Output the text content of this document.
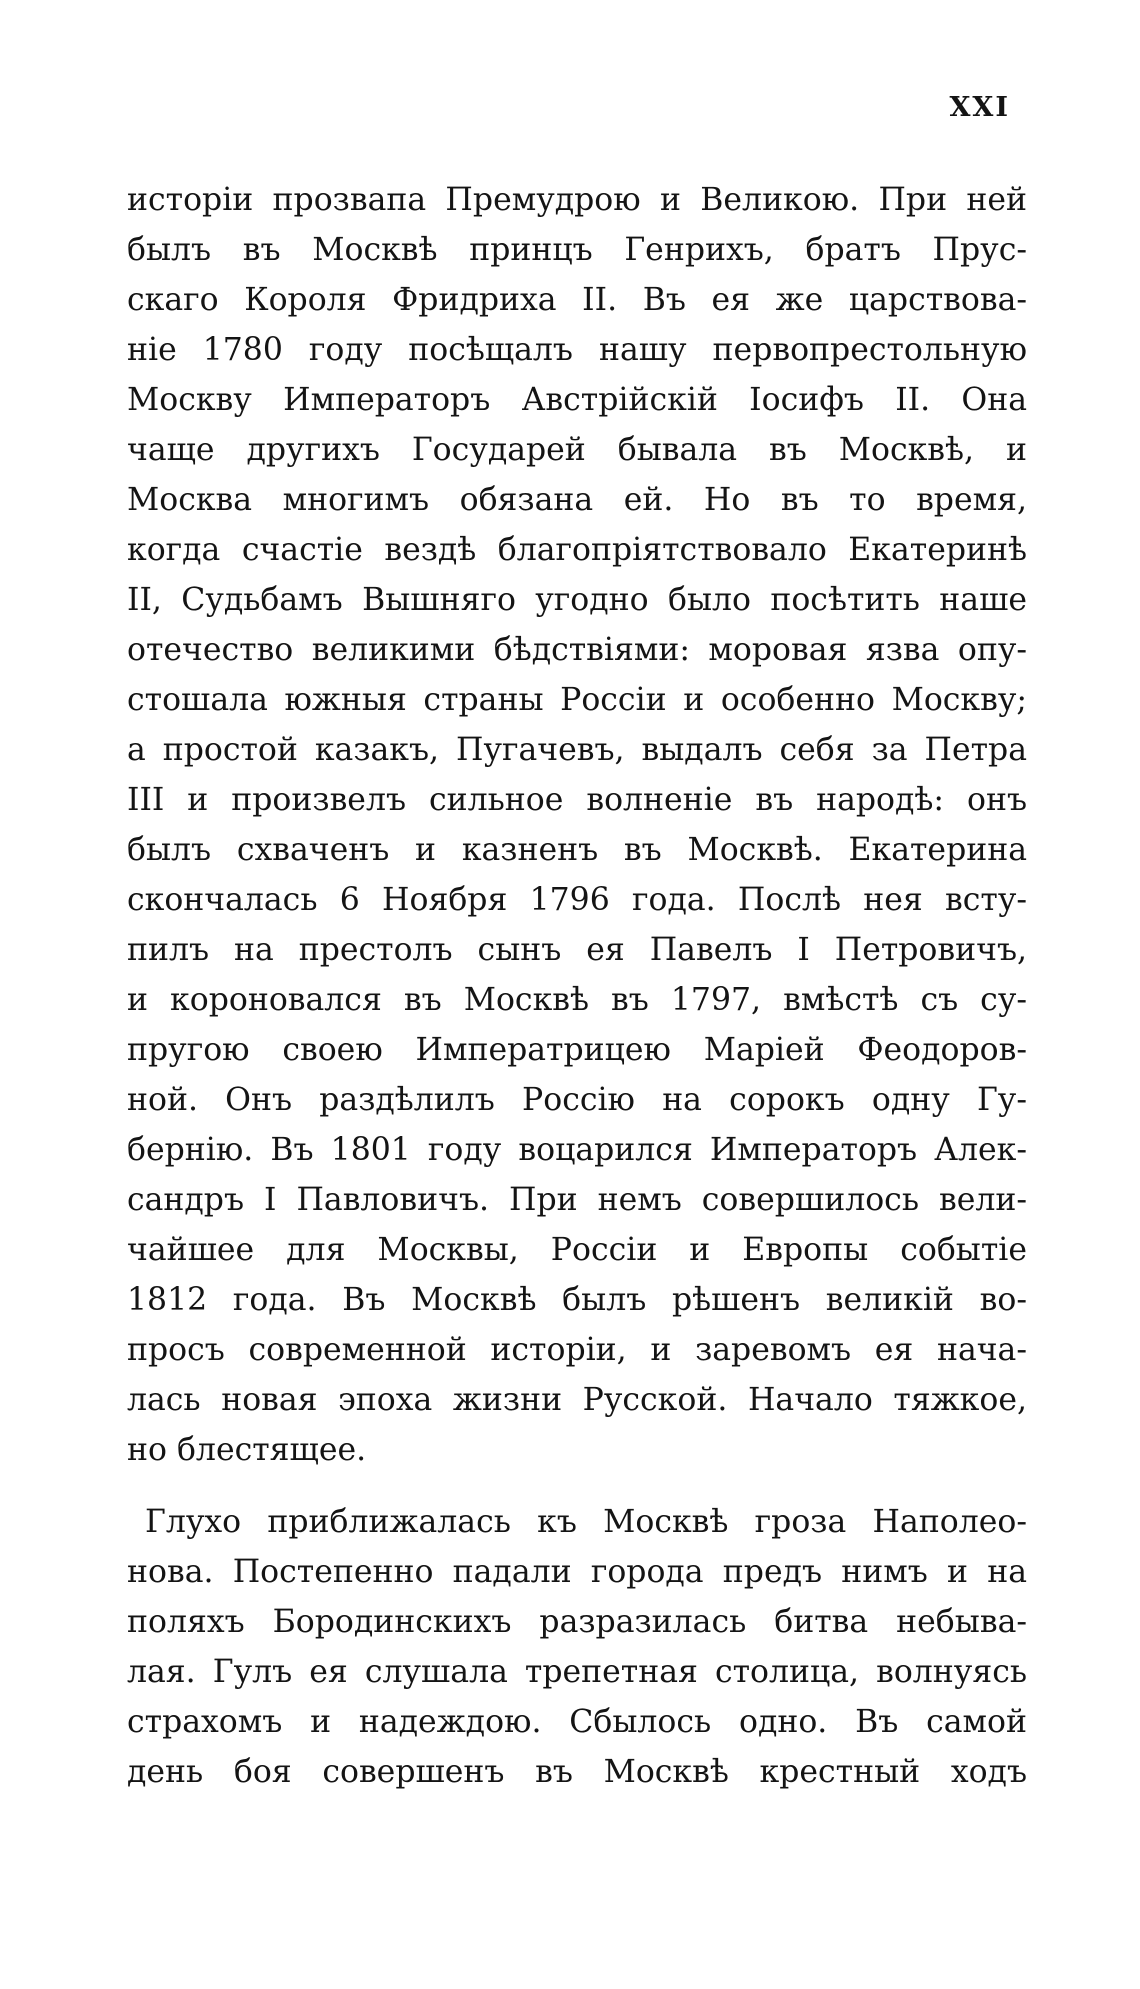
XXI

исторіи прозвапа Премудрою и Великою. При ней
былъ въ Москвѣ принцъ Генрихъ, братъ Прус-
скаго Короля Фридриха II. Въ ея же царствова-
ніе 1780 году посѣщалъ нашу первопрестольную
Москву Императоръ Австрійскій Іосифъ II. Она
чаще другихъ Государей бывала въ Москвѣ, и
Москва многимъ обязана ей. Но въ то время,
когда счастіе вездѣ благопріятствовало Екатеринѣ
II, Судьбамъ Вышняго угодно было посѣтить наше
отечество великими бѣдствіями: моровая язва опу-
стошала южныя страны Россіи и особенно Москву;
а простой казакъ, Пугачевъ, выдалъ себя за Петра
III и произвелъ сильное волненіе въ народѣ: онъ
былъ схваченъ и казненъ въ Москвѣ. Екатерина
скончалась 6 Ноября 1796 года. Послѣ нея всту-
пилъ на престолъ сынъ ея Павелъ I Петровичъ,
и короновался въ Москвѣ въ 1797, вмѣстѣ съ су-
пругою своею Императрицею Маріей Феодоров-
ной. Онъ раздѣлилъ Россію на сорокъ одну Гу-
бернію. Въ 1801 году воцарился Императоръ Алек-
сандръ I Павловичъ. При немъ совершилось вели-
чайшее для Москвы, Россіи и Европы событіе
1812 года. Въ Москвѣ былъ рѣшенъ великій во-
просъ современной исторіи, и заревомъ ея нача-
лась новая эпоха жизни Русской. Начало тяжкое,
но блестящее.
Глухо приближалась къ Москвѣ гроза Наполео-
нова. Постепенно падали города предъ нимъ и на
поляхъ Бородинскихъ разразилась битва небыва-
лая. Гулъ ея слушала трепетная столица, волнуясь
страхомъ и надеждою. Сбылось одно. Въ самой
день боя совершенъ въ Москвѣ крестный ходъ
